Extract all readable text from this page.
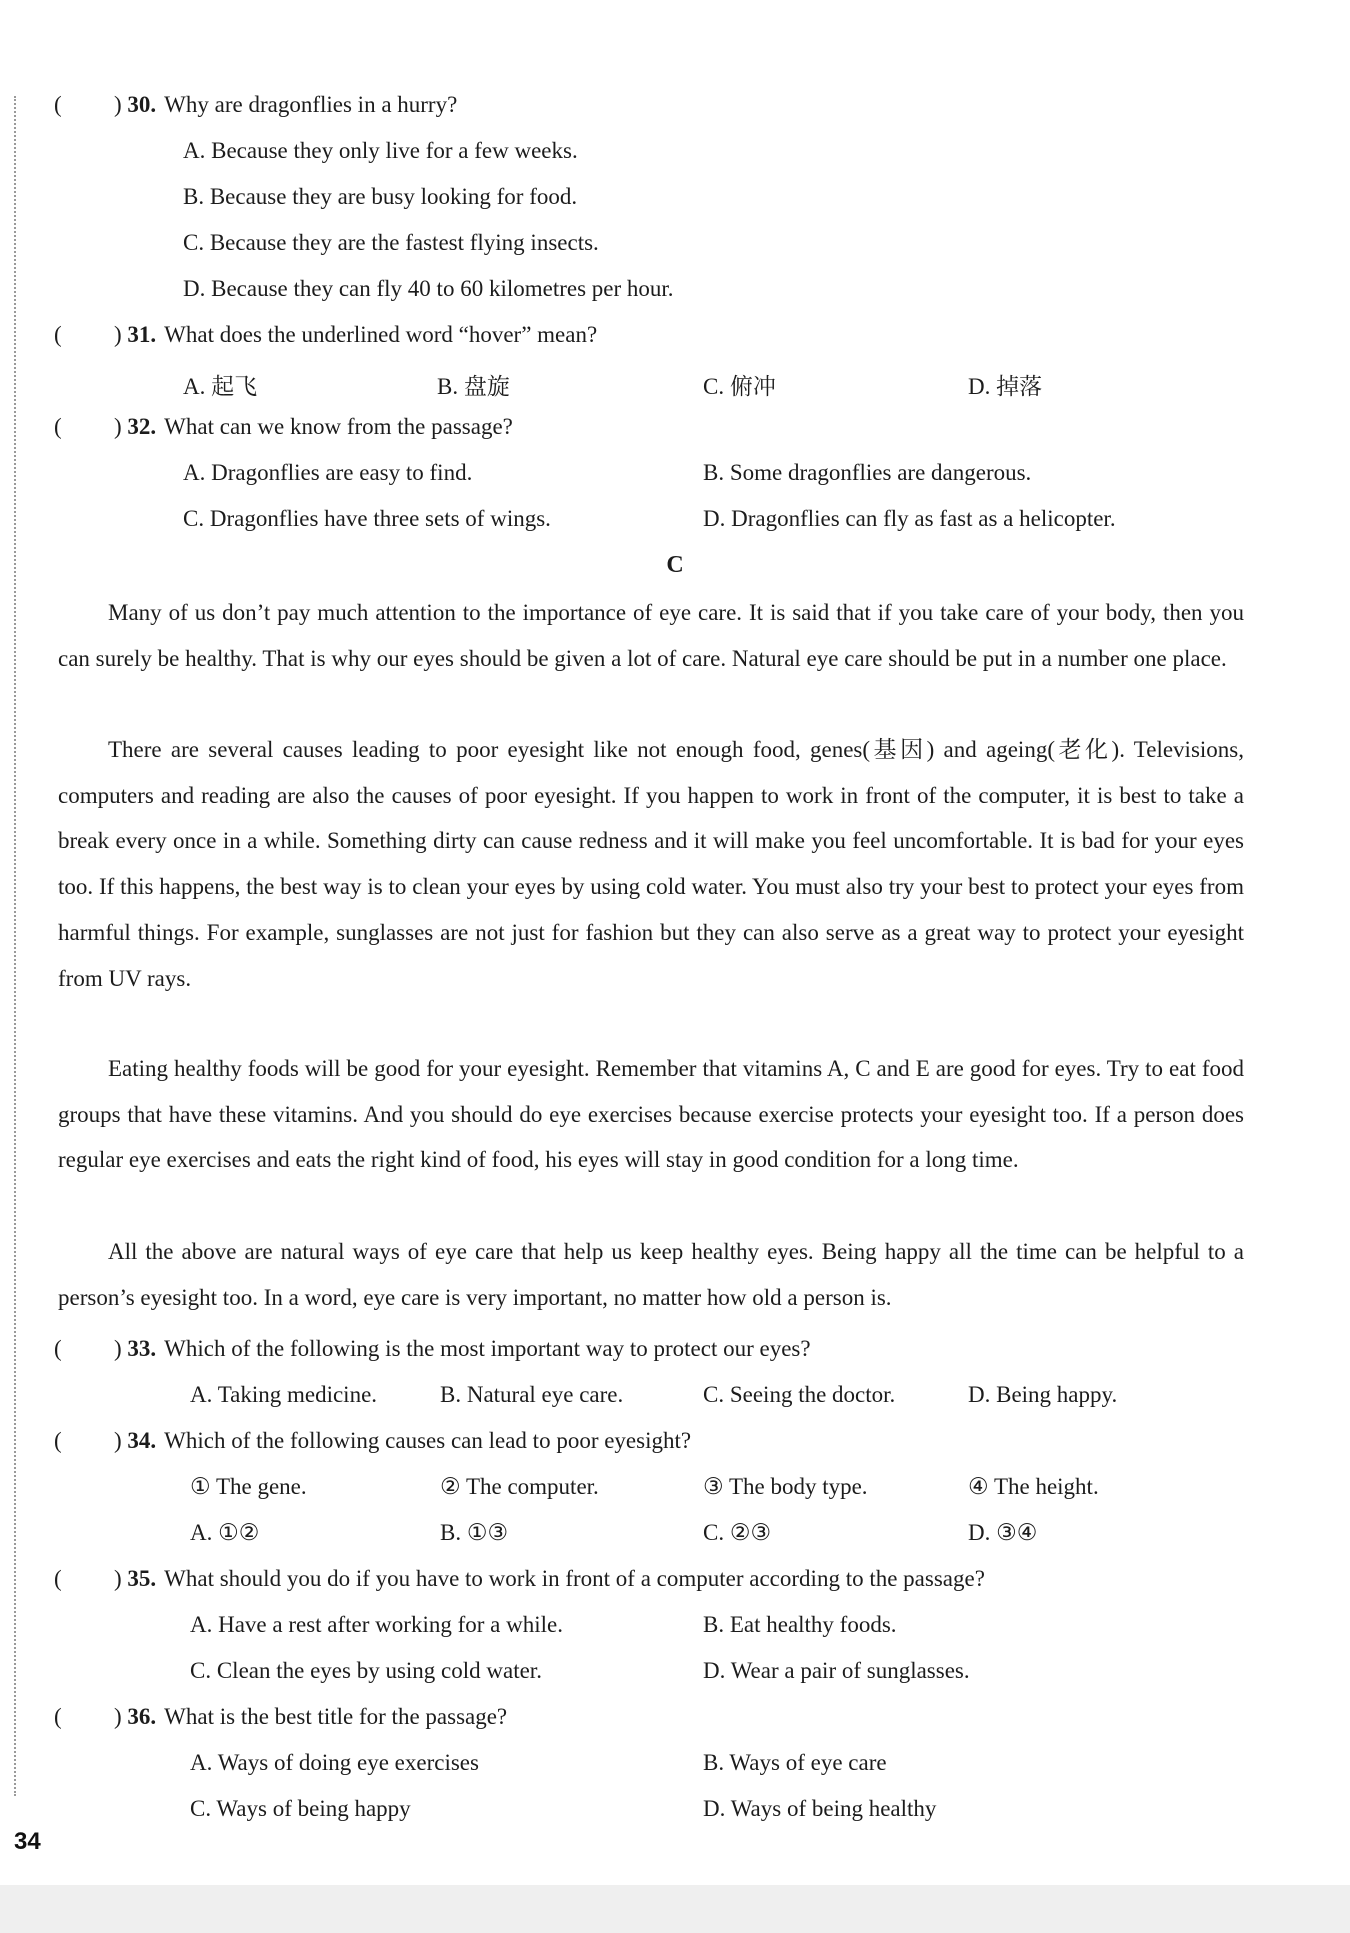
( ) 30. Why are dragonflies in a hurry?
A. Because they only live for a few weeks.
B. Because they are busy looking for food.
C. Because they are the fastest flying insects.
D. Because they can fly 40 to 60 kilometres per hour.
( ) 31. What does the underlined word “hover” mean?
A. 起飞	B. 盘旋	C. 俯冲	D. 掉落
( ) 32. What can we know from the passage?
A. Dragonflies are easy to find.	B. Some dragonflies are dangerous.
C. Dragonflies have three sets of wings.	D. Dragonflies can fly as fast as a helicopter.
C

Many of us don’t pay much attention to the importance of eye care. It is said that if you take care of your body, then you can surely be healthy. That is why our eyes should be given a lot of care. Natural eye care should be put in a number one place.

There are several causes leading to poor eyesight like not enough food, genes(基因) and ageing(老化). Televisions, computers and reading are also the causes of poor eyesight. If you happen to work in front of the computer, it is best to take a break every once in a while. Something dirty can cause redness and it will make you feel uncomfortable. It is bad for your eyes too. If this happens, the best way is to clean your eyes by using cold water. You must also try your best to protect your eyes from harmful things. For example, sunglasses are not just for fashion but they can also serve as a great way to protect your eyesight from UV rays.

Eating healthy foods will be good for your eyesight. Remember that vitamins A, C and E are good for eyes. Try to eat food groups that have these vitamins. And you should do eye exercises because exercise protects your eyesight too. If a person does regular eye exercises and eats the right kind of food, his eyes will stay in good condition for a long time.

All the above are natural ways of eye care that help us keep healthy eyes. Being happy all the time can be helpful to a person’s eyesight too. In a word, eye care is very important, no matter how old a person is.

( ) 33. Which of the following is the most important way to protect our eyes?
A. Taking medicine.	B. Natural eye care.	C. Seeing the doctor.	D. Being happy.
( ) 34. Which of the following causes can lead to poor eyesight?
① The gene.	② The computer.	③ The body type.	④ The height.
A. ①②	B. ①③	C. ②③	D. ③④
( ) 35. What should you do if you have to work in front of a computer according to the passage?
A. Have a rest after working for a while.	B. Eat healthy foods.
C. Clean the eyes by using cold water.	D. Wear a pair of sunglasses.
( ) 36. What is the best title for the passage?
A. Ways of doing eye exercises	B. Ways of eye care
C. Ways of being happy	D. Ways of being healthy
34
